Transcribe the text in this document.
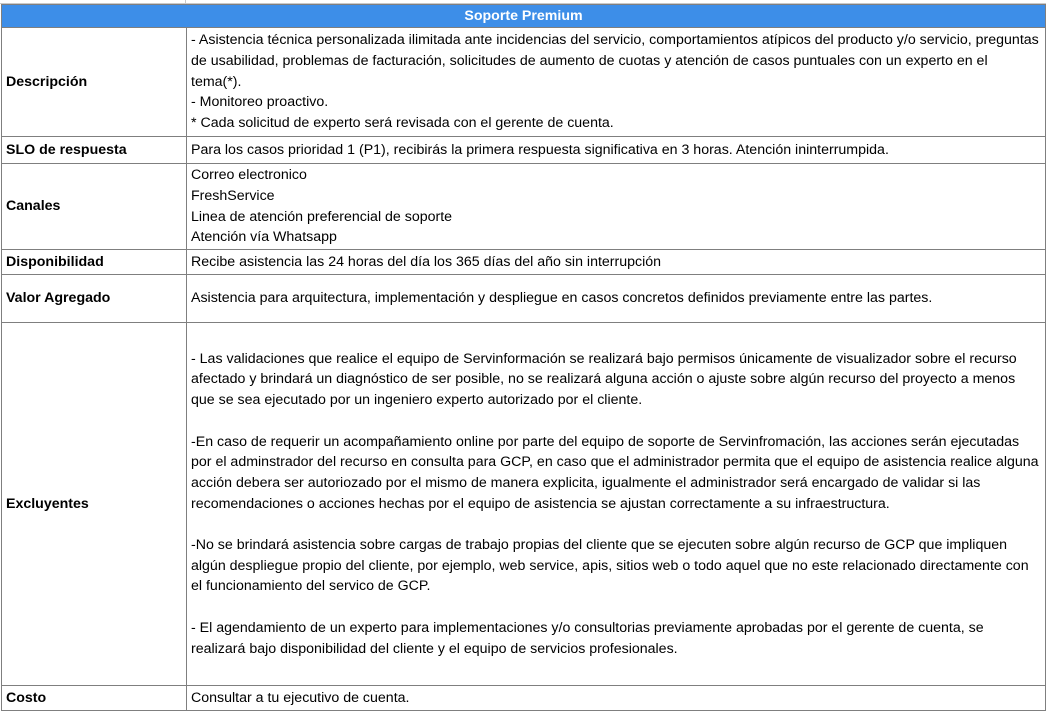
Soporte Premium	
Descripción	- Asistencia técnica personalizada ilimitada ante incidencias del servicio, comportamientos atípicos del producto y/o servicio, preguntas de usabilidad, problemas de facturación, solicitudes de aumento de cuotas y atención de casos puntuales con un experto en el tema(*).
- Monitoreo proactivo.
* Cada solicitud de experto será revisada con el gerente de cuenta.

SLO de respuesta	Para los casos prioridad 1 (P1), recibirás la primera respuesta significativa en 3 horas. Atención ininterrumpida.
Canales	Correo electronico
FreshService
Linea de atención preferencial de soporte
Atención vía Whatsapp

Disponibilidad	Recibe asistencia las 24 horas del día los 365 días del año sin interrupción
Valor Agregado	Asistencia para arquitectura, implementación y despliegue en casos concretos definidos previamente entre las partes.
Excluyentes	- Las validaciones que realice el equipo de Servinformación se realizará bajo permisos únicamente de visualizador sobre el recurso afectado y brindará un diagnóstico de ser posible, no se realizará alguna acción o ajuste sobre algún recurso del proyecto a menos que se sea ejecutado por un ingeniero experto autorizado por el cliente.
-En caso de requerir un acompañamiento online por parte del equipo de soporte de Servinfromación, las acciones serán ejecutadas por el adminstrador del recurso en consulta para GCP, en caso que el administrador permita que el equipo de asistencia realice alguna acción debera ser autoriozado por el mismo de manera explicita, igualmente el administrador será encargado de validar si las recomendaciones o acciones hechas por el equipo de asistencia se ajustan correctamente a su infraestructura.
-No se brindará asistencia sobre cargas de trabajo propias del cliente que se ejecuten sobre algún recurso de GCP que impliquen algún despliegue propio del cliente, por ejemplo, web service, apis, sitios web o todo aquel que no este relacionado directamente con el funcionamiento del servico de GCP.
- El agendamiento de un experto para implementaciones y/o consultorias previamente aprobadas por el gerente de cuenta, se realizará bajo disponibilidad del cliente y el equipo de servicios profesionales.

Costo	Consultar a tu ejecutivo de cuenta.
